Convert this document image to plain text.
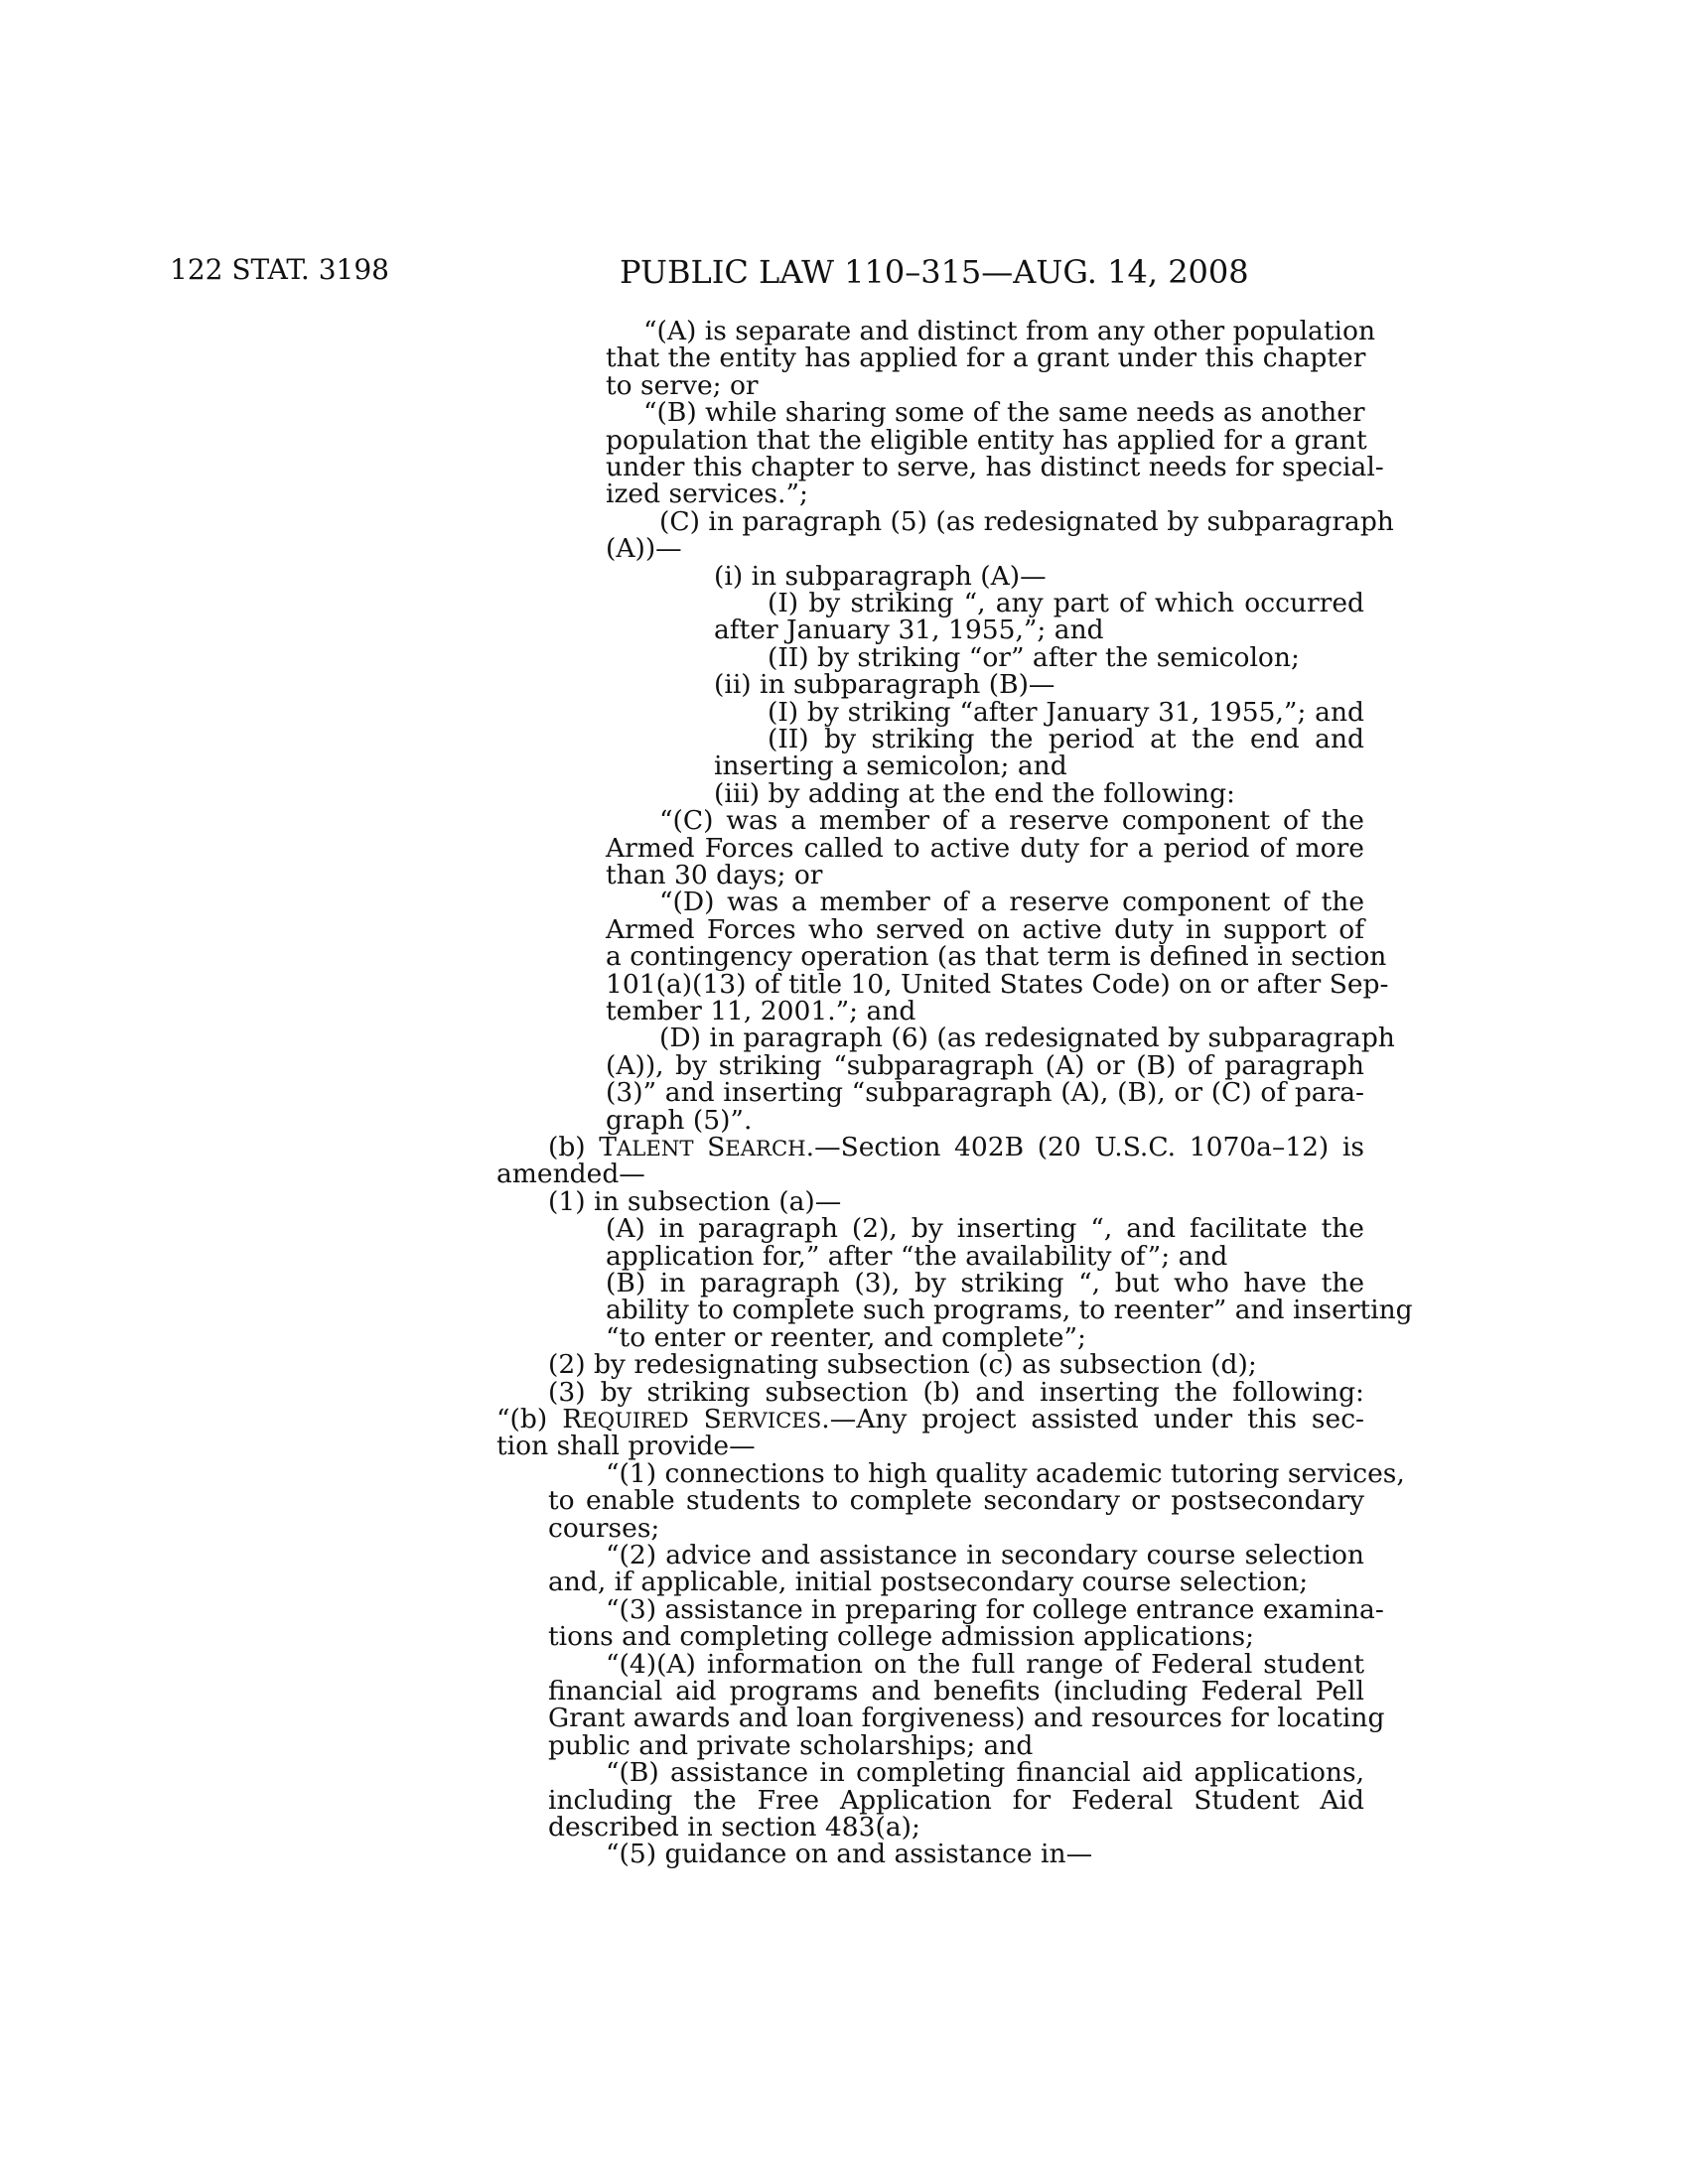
122 STAT. 3198	PUBLIC LAW 110–315—AUG. 14, 2008

“(A) is separate and distinct from any other population

that the entity has applied for a grant under this chapter

to serve; or

“(B) while sharing some of the same needs as another

population that the eligible entity has applied for a grant

under this chapter to serve, has distinct needs for special-

ized services.”;

(C) in paragraph (5) (as redesignated by subparagraph

(A))—

(i) in subparagraph (A)—

(I) by striking “, any part of which occurred

after January 31, 1955,”; and

(II) by striking “or” after the semicolon;

(ii) in subparagraph (B)—

(I) by striking “after January 31, 1955,”; and

(II) by striking the period at the end and

inserting a semicolon; and

(iii) by adding at the end the following:

“(C) was a member of a reserve component of the

Armed Forces called to active duty for a period of more

than 30 days; or

“(D) was a member of a reserve component of the

Armed Forces who served on active duty in support of

a contingency operation (as that term is defined in section

101(a)(13) of title 10, United States Code) on or after Sep-

tember 11, 2001.”; and

(D) in paragraph (6) (as redesignated by subparagraph

(A)), by striking “subparagraph (A) or (B) of paragraph

(3)” and inserting “subparagraph (A), (B), or (C) of para-

graph (5)”.

(b) TALENT SEARCH.—Section 402B (20 U.S.C. 1070a–12) is

amended—

(1) in subsection (a)—

(A) in paragraph (2), by inserting “, and facilitate the

application for,” after “the availability of”; and

(B) in paragraph (3), by striking “, but who have the

ability to complete such programs, to reenter” and inserting

“to enter or reenter, and complete”;

(2) by redesignating subsection (c) as subsection (d);

(3) by striking subsection (b) and inserting the following:

“(b) REQUIRED SERVICES.—Any project assisted under this sec-

tion shall provide—

“(1) connections to high quality academic tutoring services,

to enable students to complete secondary or postsecondary

courses;

“(2) advice and assistance in secondary course selection

and, if applicable, initial postsecondary course selection;

“(3) assistance in preparing for college entrance examina-

tions and completing college admission applications;

“(4)(A) information on the full range of Federal student

financial aid programs and benefits (including Federal Pell

Grant awards and loan forgiveness) and resources for locating

public and private scholarships; and

“(B) assistance in completing financial aid applications,

including the Free Application for Federal Student Aid

described in section 483(a);

“(5) guidance on and assistance in—
